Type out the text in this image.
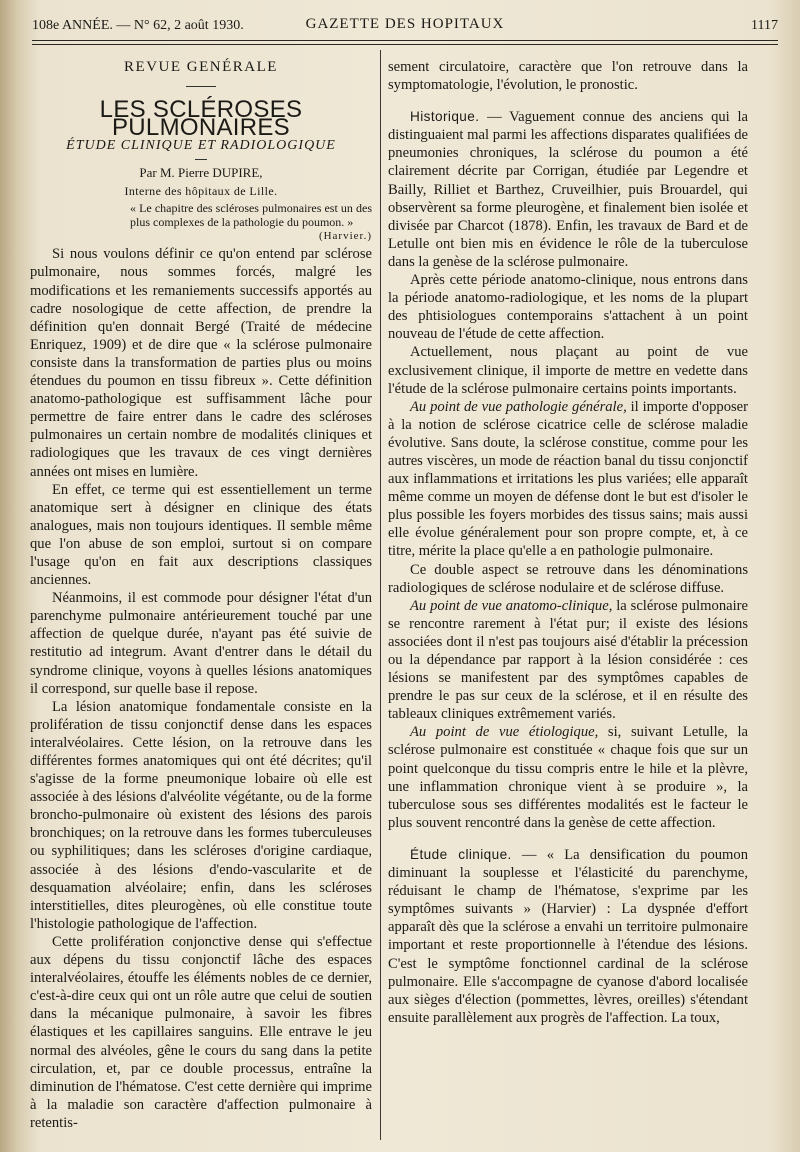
108e ANNÉE. — N° 62, 2 août 1930.	GAZETTE DES HOPITAUX	1117

REVUE GENÉRALE

LES SCLÉROSES PULMONAIRES

ÉTUDE CLINIQUE ET RADIOLOGIQUE

Par M. Pierre DUPIRE,

Interne des hôpitaux de Lille.

« Le chapitre des scléroses pulmonaires est un des plus complexes de la pathologie du poumon. »
(Harvier.)

Si nous voulons définir ce qu'on entend par sclérose pulmonaire, nous sommes forcés, malgré les modifications et les remaniements successifs apportés au cadre nosologique de cette affection, de prendre la définition qu'en donnait Bergé (Traité de médecine Enriquez, 1909) et de dire que « la sclérose pulmonaire consiste dans la transformation de parties plus ou moins étendues du poumon en tissu fibreux ». Cette définition anatomo-pathologique est suffisamment lâche pour permettre de faire entrer dans le cadre des scléroses pulmonaires un certain nombre de modalités cliniques et radiologiques que les travaux de ces vingt dernières années ont mises en lumière.

En effet, ce terme qui est essentiellement un terme anatomique sert à désigner en clinique des états analogues, mais non toujours identiques. Il semble même que l'on abuse de son emploi, surtout si on compare l'usage qu'on en fait aux descriptions classiques anciennes.

Néanmoins, il est commode pour désigner l'état d'un parenchyme pulmonaire antérieurement touché par une affection de quelque durée, n'ayant pas été suivie de restitutio ad integrum. Avant d'entrer dans le détail du syndrome clinique, voyons à quelles lésions anatomiques il correspond, sur quelle base il repose.

La lésion anatomique fondamentale consiste en la prolifération de tissu conjonctif dense dans les espaces interalvéolaires. Cette lésion, on la retrouve dans les différentes formes anatomiques qui ont été décrites; qu'il s'agisse de la forme pneumonique lobaire où elle est associée à des lésions d'alvéolite végétante, ou de la forme broncho-pulmonaire où existent des lésions des parois bronchiques; on la retrouve dans les formes tuberculeuses ou syphilitiques; dans les scléroses d'origine cardiaque, associée à des lésions d'endo-vascularite et de desquamation alvéolaire; enfin, dans les scléroses interstitielles, dites pleurogènes, où elle constitue toute l'histologie pathologique de l'affection.

Cette prolifération conjonctive dense qui s'effectue aux dépens du tissu conjonctif lâche des espaces interalvéolaires, étouffe les éléments nobles de ce dernier, c'est-à-dire ceux qui ont un rôle autre que celui de soutien dans la mécanique pulmonaire, à savoir les fibres élastiques et les capillaires sanguins. Elle entrave le jeu normal des alvéoles, gêne le cours du sang dans la petite circulation, et, par ce double processus, entraîne la diminution de l'hématose. C'est cette dernière qui imprime à la maladie son caractère d'affection pulmonaire à retentis-

sement circulatoire, caractère que l'on retrouve dans la symptomatologie, l'évolution, le pronostic.

Historique. — Vaguement connue des anciens qui la distinguaient mal parmi les affections disparates qualifiées de pneumonies chroniques, la sclérose du poumon a été clairement décrite par Corrigan, étudiée par Legendre et Bailly, Rilliet et Barthez, Cruveilhier, puis Brouardel, qui observèrent sa forme pleurogène, et finalement bien isolée et divisée par Charcot (1878). Enfin, les travaux de Bard et de Letulle ont bien mis en évidence le rôle de la tuberculose dans la genèse de la sclérose pulmonaire.

Après cette période anatomo-clinique, nous entrons dans la période anatomo-radiologique, et les noms de la plupart des phtisiologues contemporains s'attachent à un point nouveau de l'étude de cette affection.

Actuellement, nous plaçant au point de vue exclusivement clinique, il importe de mettre en vedette dans l'étude de la sclérose pulmonaire certains points importants.

Au point de vue pathologie générale, il importe d'opposer à la notion de sclérose cicatrice celle de sclérose maladie évolutive. Sans doute, la sclérose constitue, comme pour les autres viscères, un mode de réaction banal du tissu conjonctif aux inflammations et irritations les plus variées; elle apparaît même comme un moyen de défense dont le but est d'isoler le plus possible les foyers morbides des tissus sains; mais aussi elle évolue généralement pour son propre compte, et, à ce titre, mérite la place qu'elle a en pathologie pulmonaire.

Ce double aspect se retrouve dans les dénominations radiologiques de sclérose nodulaire et de sclérose diffuse.

Au point de vue anatomo-clinique, la sclérose pulmonaire se rencontre rarement à l'état pur; il existe des lésions associées dont il n'est pas toujours aisé d'établir la précession ou la dépendance par rapport à la lésion considérée : ces lésions se manifestent par des symptômes capables de prendre le pas sur ceux de la sclérose, et il en résulte des tableaux cliniques extrêmement variés.

Au point de vue étiologique, si, suivant Letulle, la sclérose pulmonaire est constituée « chaque fois que sur un point quelconque du tissu compris entre le hile et la plèvre, une inflammation chronique vient à se produire », la tuberculose sous ses différentes modalités est le facteur le plus souvent rencontré dans la genèse de cette affection.

Étude clinique. — « La densification du poumon diminuant la souplesse et l'élasticité du parenchyme, réduisant le champ de l'hématose, s'exprime par les symptômes suivants » (Harvier) : La dyspnée d'effort apparaît dès que la sclérose a envahi un territoire pulmonaire important et reste proportionnelle à l'étendue des lésions. C'est le symptôme fonctionnel cardinal de la sclérose pulmonaire. Elle s'accompagne de cyanose d'abord localisée aux sièges d'élection (pommettes, lèvres, oreilles) s'étendant ensuite parallèlement aux progrès de l'affection. La toux,
